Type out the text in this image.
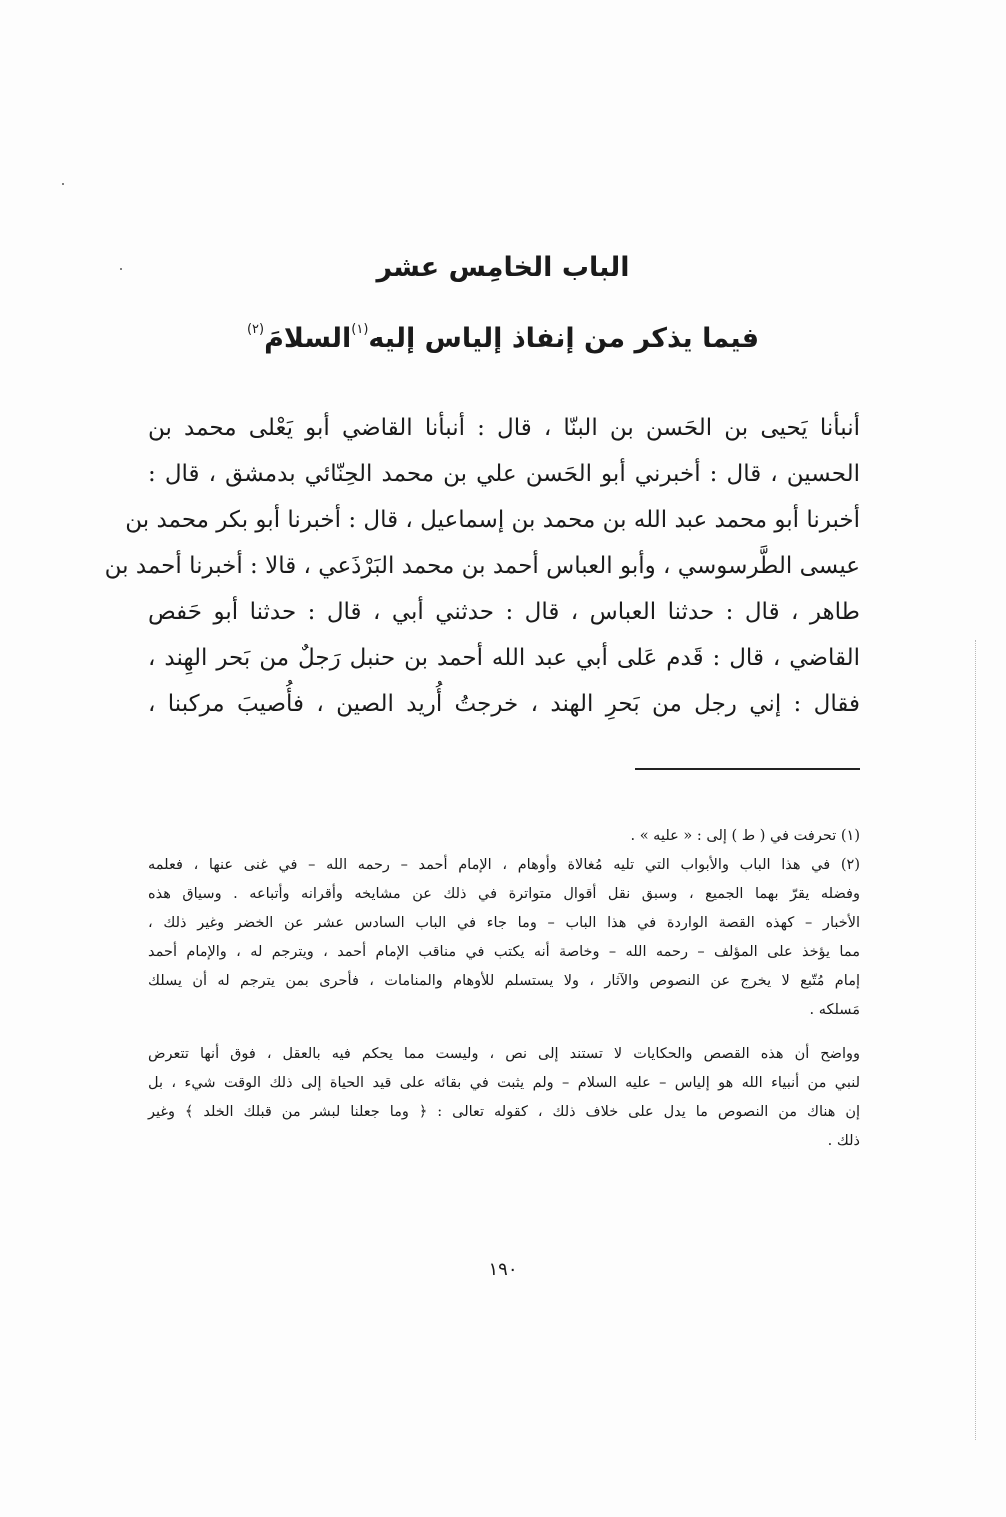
الباب الخامِس عشر
فيما يذكر من إنفاذ إلياس إليه$^{(١)}$السلامَ$^{(٢)}$
أنبأنا يَحيى بن الحَسن بن البنّا ، قال : أنبأنا القاضي أبو يَعْلى محمد بن
الحسين ، قال : أخبرني أبو الحَسن علي بن محمد الحِنّائي بدمشق ، قال :
أخبرنا أبو محمد عبد الله بن محمد بن إسماعيل ، قال : أخبرنا أبو بكر محمد بن
عيسى الطَّرسوسي ، وأبو العباس أحمد بن محمد البَرْذَعي ، قالا : أخبرنا أحمد بن
طاهر ، قال : حدثنا العباس ، قال : حدثني أبي ، قال : حدثنا أبو حَفص
القاضي ، قال : قَدم عَلى أبي عبد الله أحمد بن حنبل رَجلٌ من بَحر الهِند ،
فقال : إني رجل من بَحرِ الهند ، خرجتُ أُريد الصين ، فأُصيبَ مركبنا ،
(١) تحرفت في ( ط ) إلى : « عليه » .
(٢) في هذا الباب والأبواب التي تليه مُغالاة وأوهام ، الإمام أحمد – رحمه الله – في غنى عنها ، فعلمه
وفضله يقرّ بهما الجميع ، وسبق نقل أقوال متواترة في ذلك عن مشايخه وأقرانه وأتباعه . وسياق هذه
الأخبار – كهذه القصة الواردة في هذا الباب – وما جاء في الباب السادس عشر عن الخضر وغير ذلك ،
مما يؤخذ على المؤلف – رحمه الله – وخاصة أنه يكتب في مناقب الإمام أحمد ، ويترجم له ، والإمام أحمد
إمام مُتّبع لا يخرج عن النصوص والآثار ، ولا يستسلم للأوهام والمنامات ، فأحرى بمن يترجم له أن يسلك
مَسلكه .
وواضح أن هذه القصص والحكايات لا تستند إلى نص ، وليست مما يحكم فيه بالعقل ، فوق أنها تتعرض
لنبي من أنبياء الله هو إلياس – عليه السلام – ولم يثبت في بقائه على قيد الحياة إلى ذلك الوقت شيء ، بل
إن هناك من النصوص ما يدل على خلاف ذلك ، كقوله تعالى : ﴿ وما جعلنا لبشر من قبلك الخلد ﴾ وغير
ذلك .
١٩٠
